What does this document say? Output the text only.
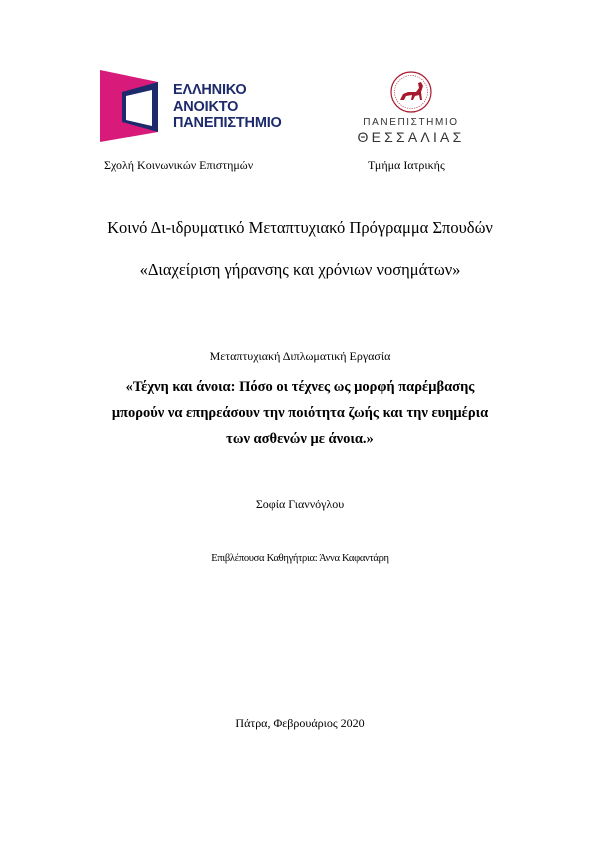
ΕΛΛΗΝΙΚΟ
ΑΝΟΙΚΤΟ
ΠΑΝΕΠΙΣΤΗΜΙΟ	ΠΑΝΕΠΙΣΤΗΜΙΟ
ΘΕΣΣΑΛΙΑΣ
Σχολή Κοινωνικών Επιστημών	Τμήμα Ιατρικής
Κοινό Δι-ιδρυματικό Μεταπτυχιακό Πρόγραμμα Σπουδών
«Διαχείριση γήρανσης και χρόνιων νοσημάτων»
Μεταπτυχιακή Διπλωματική Εργασία
«Τέχνη και άνοια: Πόσο οι τέχνες ως μορφή παρέμβασης
μπορούν να επηρεάσουν την ποιότητα ζωής και την ευημέρια
των ασθενών με άνοια.»
Σοφία Γιαννόγλου
Επιβλέπουσα Καθηγήτρια: Άννα Καφαντάρη
Πάτρα, Φεβρουάριος 2020
